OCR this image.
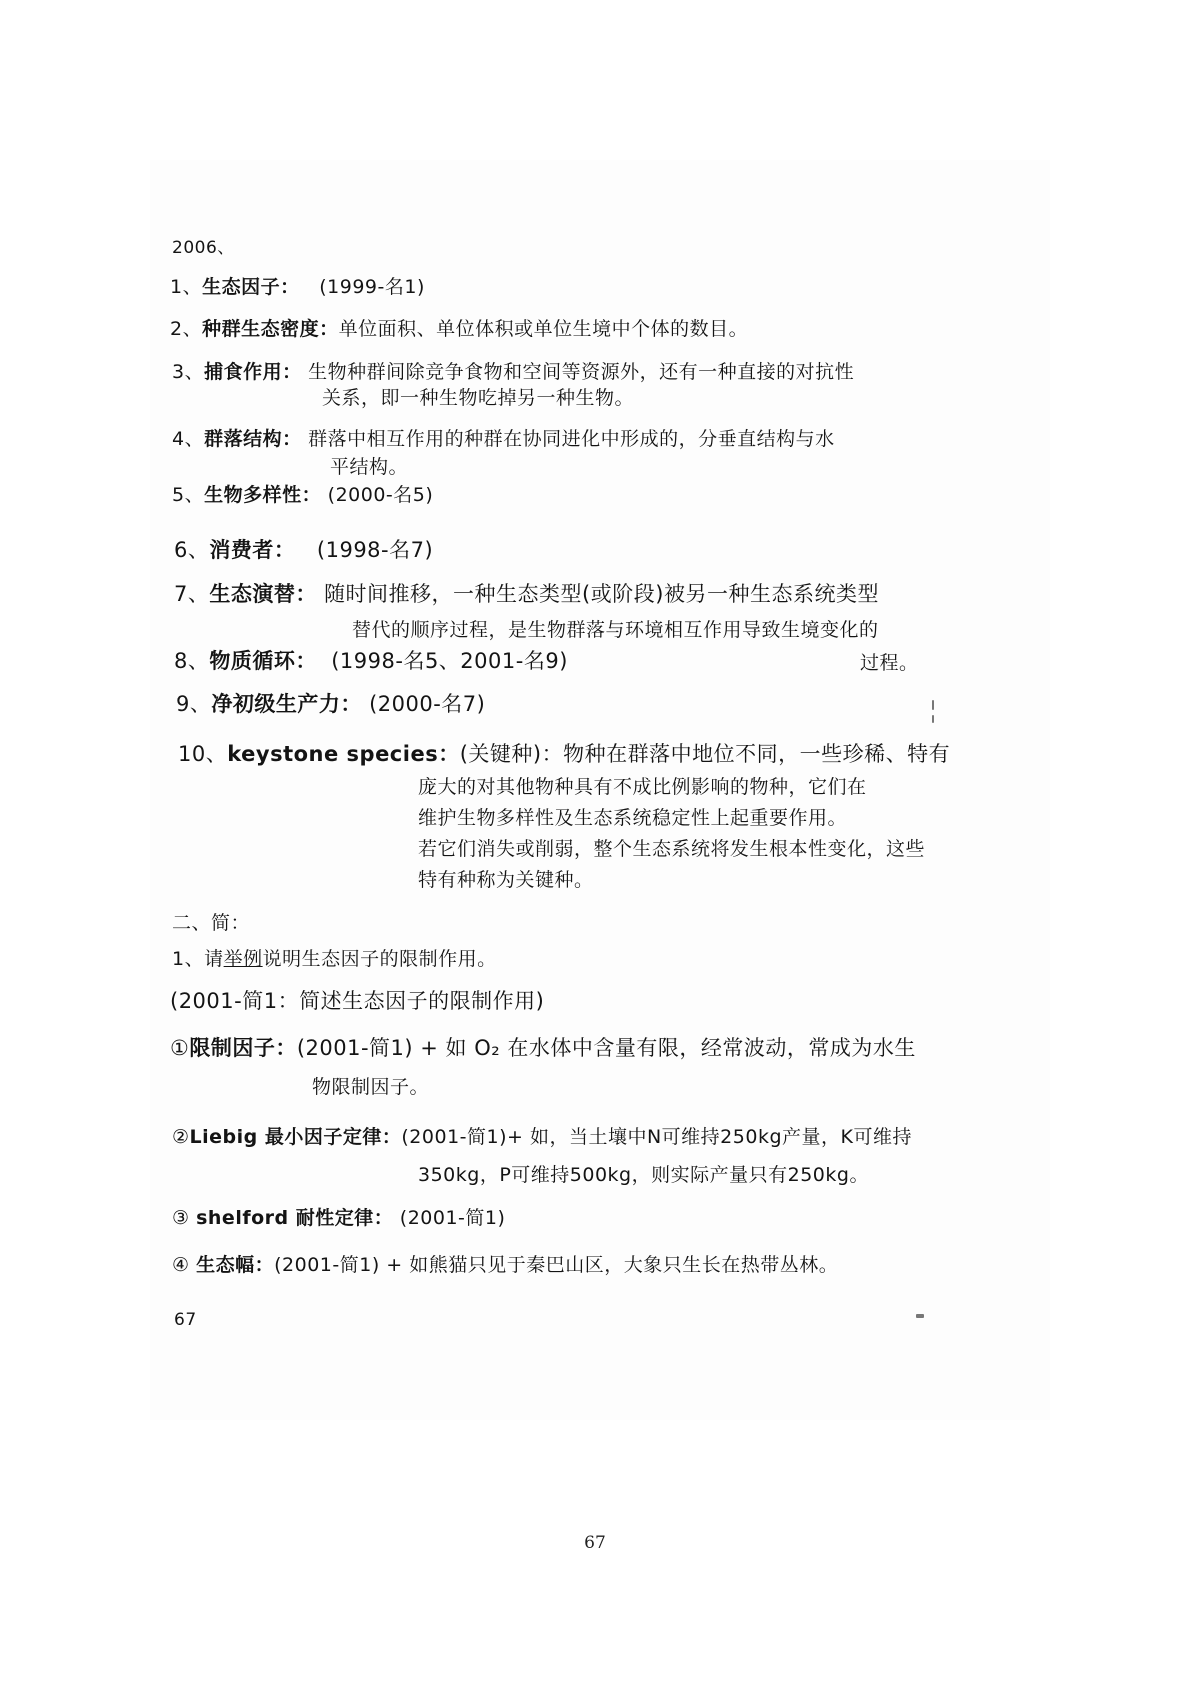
2006、
1、生态因子： (1999-名1)
2、种群生态密度：单位面积、单位体积或单位生境中个体的数目。
3、捕食作用： 生物种群间除竞争食物和空间等资源外，还有一种直接的对抗性
关系，即一种生物吃掉另一种生物。
4、群落结构： 群落中相互作用的种群在协同进化中形成的，分垂直结构与水
平结构。
5、生物多样性： (2000-名5)
6、消费者： (1998-名7)
7、生态演替： 随时间推移，一种生态类型(或阶段)被另一种生态系统类型
替代的顺序过程，是生物群落与环境相互作用导致生境变化的
过程。
8、物质循环： (1998-名5、2001-名9)
9、净初级生产力： (2000-名7)
10、keystone species：(关键种)：物种在群落中地位不同，一些珍稀、特有
庞大的对其他物种具有不成比例影响的物种，它们在
维护生物多样性及生态系统稳定性上起重要作用。
若它们消失或削弱，整个生态系统将发生根本性变化，这些
特有种称为关键种。
二、简：
1、请举例说明生态因子的限制作用。
(2001-简1：简述生态因子的限制作用)
①限制因子：(2001-简1) + 如 O₂ 在水体中含量有限，经常波动，常成为水生
物限制因子。
②Liebig 最小因子定律：(2001-简1)+ 如，当土壤中N可维持250kg产量，K可维持
350kg，P可维持500kg，则实际产量只有250kg。
③ shelford 耐性定律： (2001-简1)
④ 生态幅：(2001-简1) + 如熊猫只见于秦巴山区，大象只生长在热带丛林。
67
67
